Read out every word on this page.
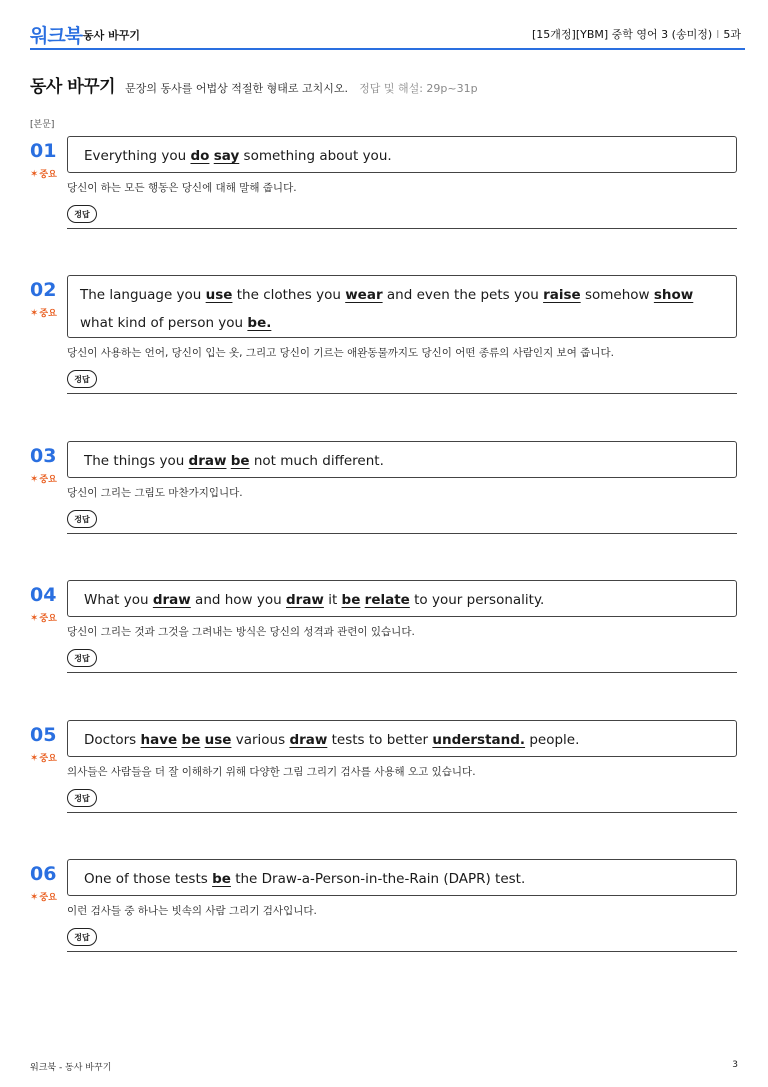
워크북 동사 바꾸기	[15개정][YBM] 중학 영어 3 (송미정) I 5과
동사 바꾸기 문장의 동사를 어법상 적절한 형태로 고치시오. 정답 및 해설: 29p~31p
[본문]
01
✶중요
Everything you do say something about you.
당신이 하는 모든 행동은 당신에 대해 말해 줍니다.
정답
02
✶중요
The language you use the clothes you wear and even the pets you raise somehow show what kind of person you be.
당신이 사용하는 언어, 당신이 입는 옷, 그리고 당신이 기르는 애완동물까지도 당신이 어떤 종류의 사람인지 보여 줍니다.
정답
03
✶중요
The things you draw be not much different.
당신이 그리는 그림도 마찬가지입니다.
정답
04
✶중요
What you draw and how you draw it be relate to your personality.
당신이 그리는 것과 그것을 그려내는 방식은 당신의 성격과 관련이 있습니다.
정답
05
✶중요
Doctors have be use various draw tests to better understand. people.
의사들은 사람들을 더 잘 이해하기 위해 다양한 그림 그리기 검사를 사용해 오고 있습니다.
정답
06
✶중요
One of those tests be the Draw-a-Person-in-the-Rain (DAPR) test.
이런 검사들 중 하나는 빗속의 사람 그리기 검사입니다.
정답
워크북 - 동사 바꾸기	3
